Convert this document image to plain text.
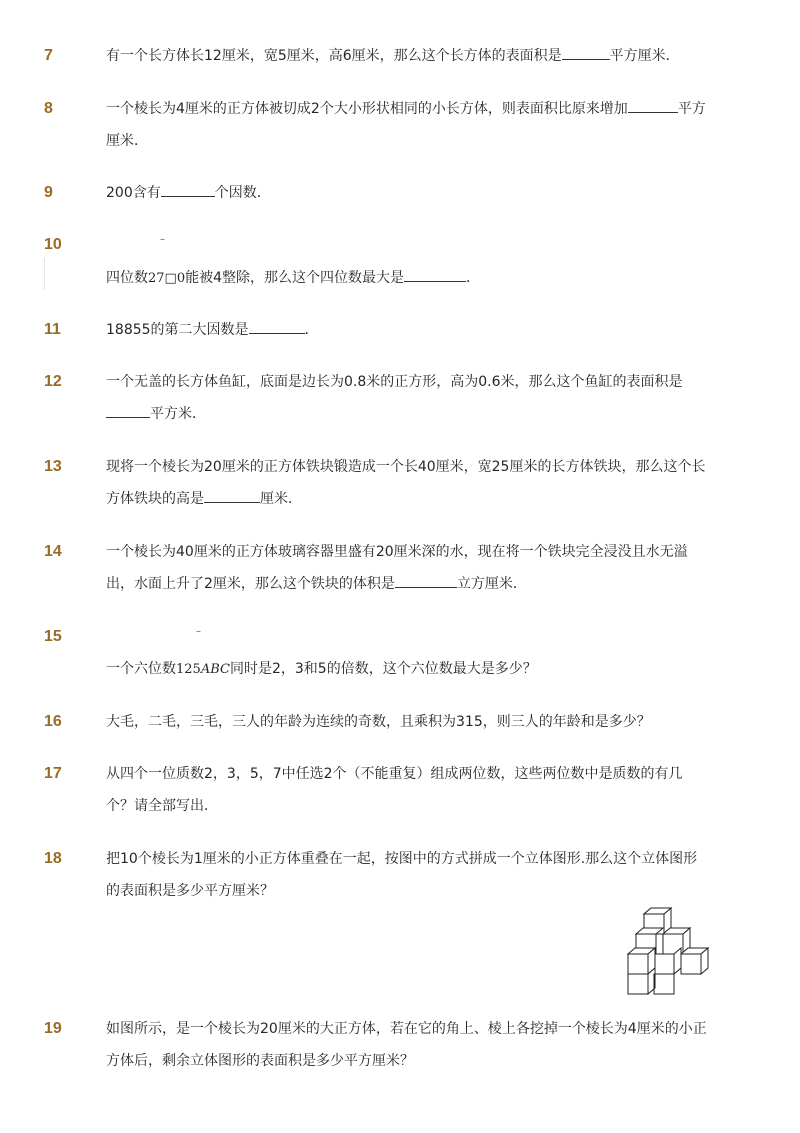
7	有一个长方体长12厘米，宽5厘米，高6厘米，那么这个长方体的表面积是	平方厘米．
8	一个棱长为4厘米的正方体被切成2个大小形状相同的小长方体，则表面积比原来增加	平方
厘米．
9	200含有	个因数．
10	–
四位数27□0能被4整除，那么这个四位数最大是	．
11	18855的第二大因数是	．
12	一个无盖的长方体鱼缸，底面是边长为0.8米的正方形，高为0.6米，那么这个鱼缸的表面积是
平方米．
13	现将一个棱长为20厘米的正方体铁块锻造成一个长40厘米，宽25厘米的长方体铁块，那么这个长
方体铁块的高是	厘米．
14	一个棱长为40厘米的正方体玻璃容器里盛有20厘米深的水，现在将一个铁块完全浸没且水无溢
出，水面上升了2厘米，那么这个铁块的体积是	立方厘米．
15	–
一个六位数125ABC同时是2，3和5的倍数，这个六位数最大是多少？
16	大毛，二毛，三毛，三人的年龄为连续的奇数，且乘积为315，则三人的年龄和是多少？
17	从四个一位质数2，3，5，7中任选2个（不能重复）组成两位数，这些两位数中是质数的有几
个？请全部写出．
18	把10个棱长为1厘米的小正方体重叠在一起，按图中的方式拼成一个立体图形.那么这个立体图形
的表面积是多少平方厘米？
19	如图所示，是一个棱长为20厘米的大正方体，若在它的角上、棱上各挖掉一个棱长为4厘米的小正
方体后，剩余立体图形的表面积是多少平方厘米？
